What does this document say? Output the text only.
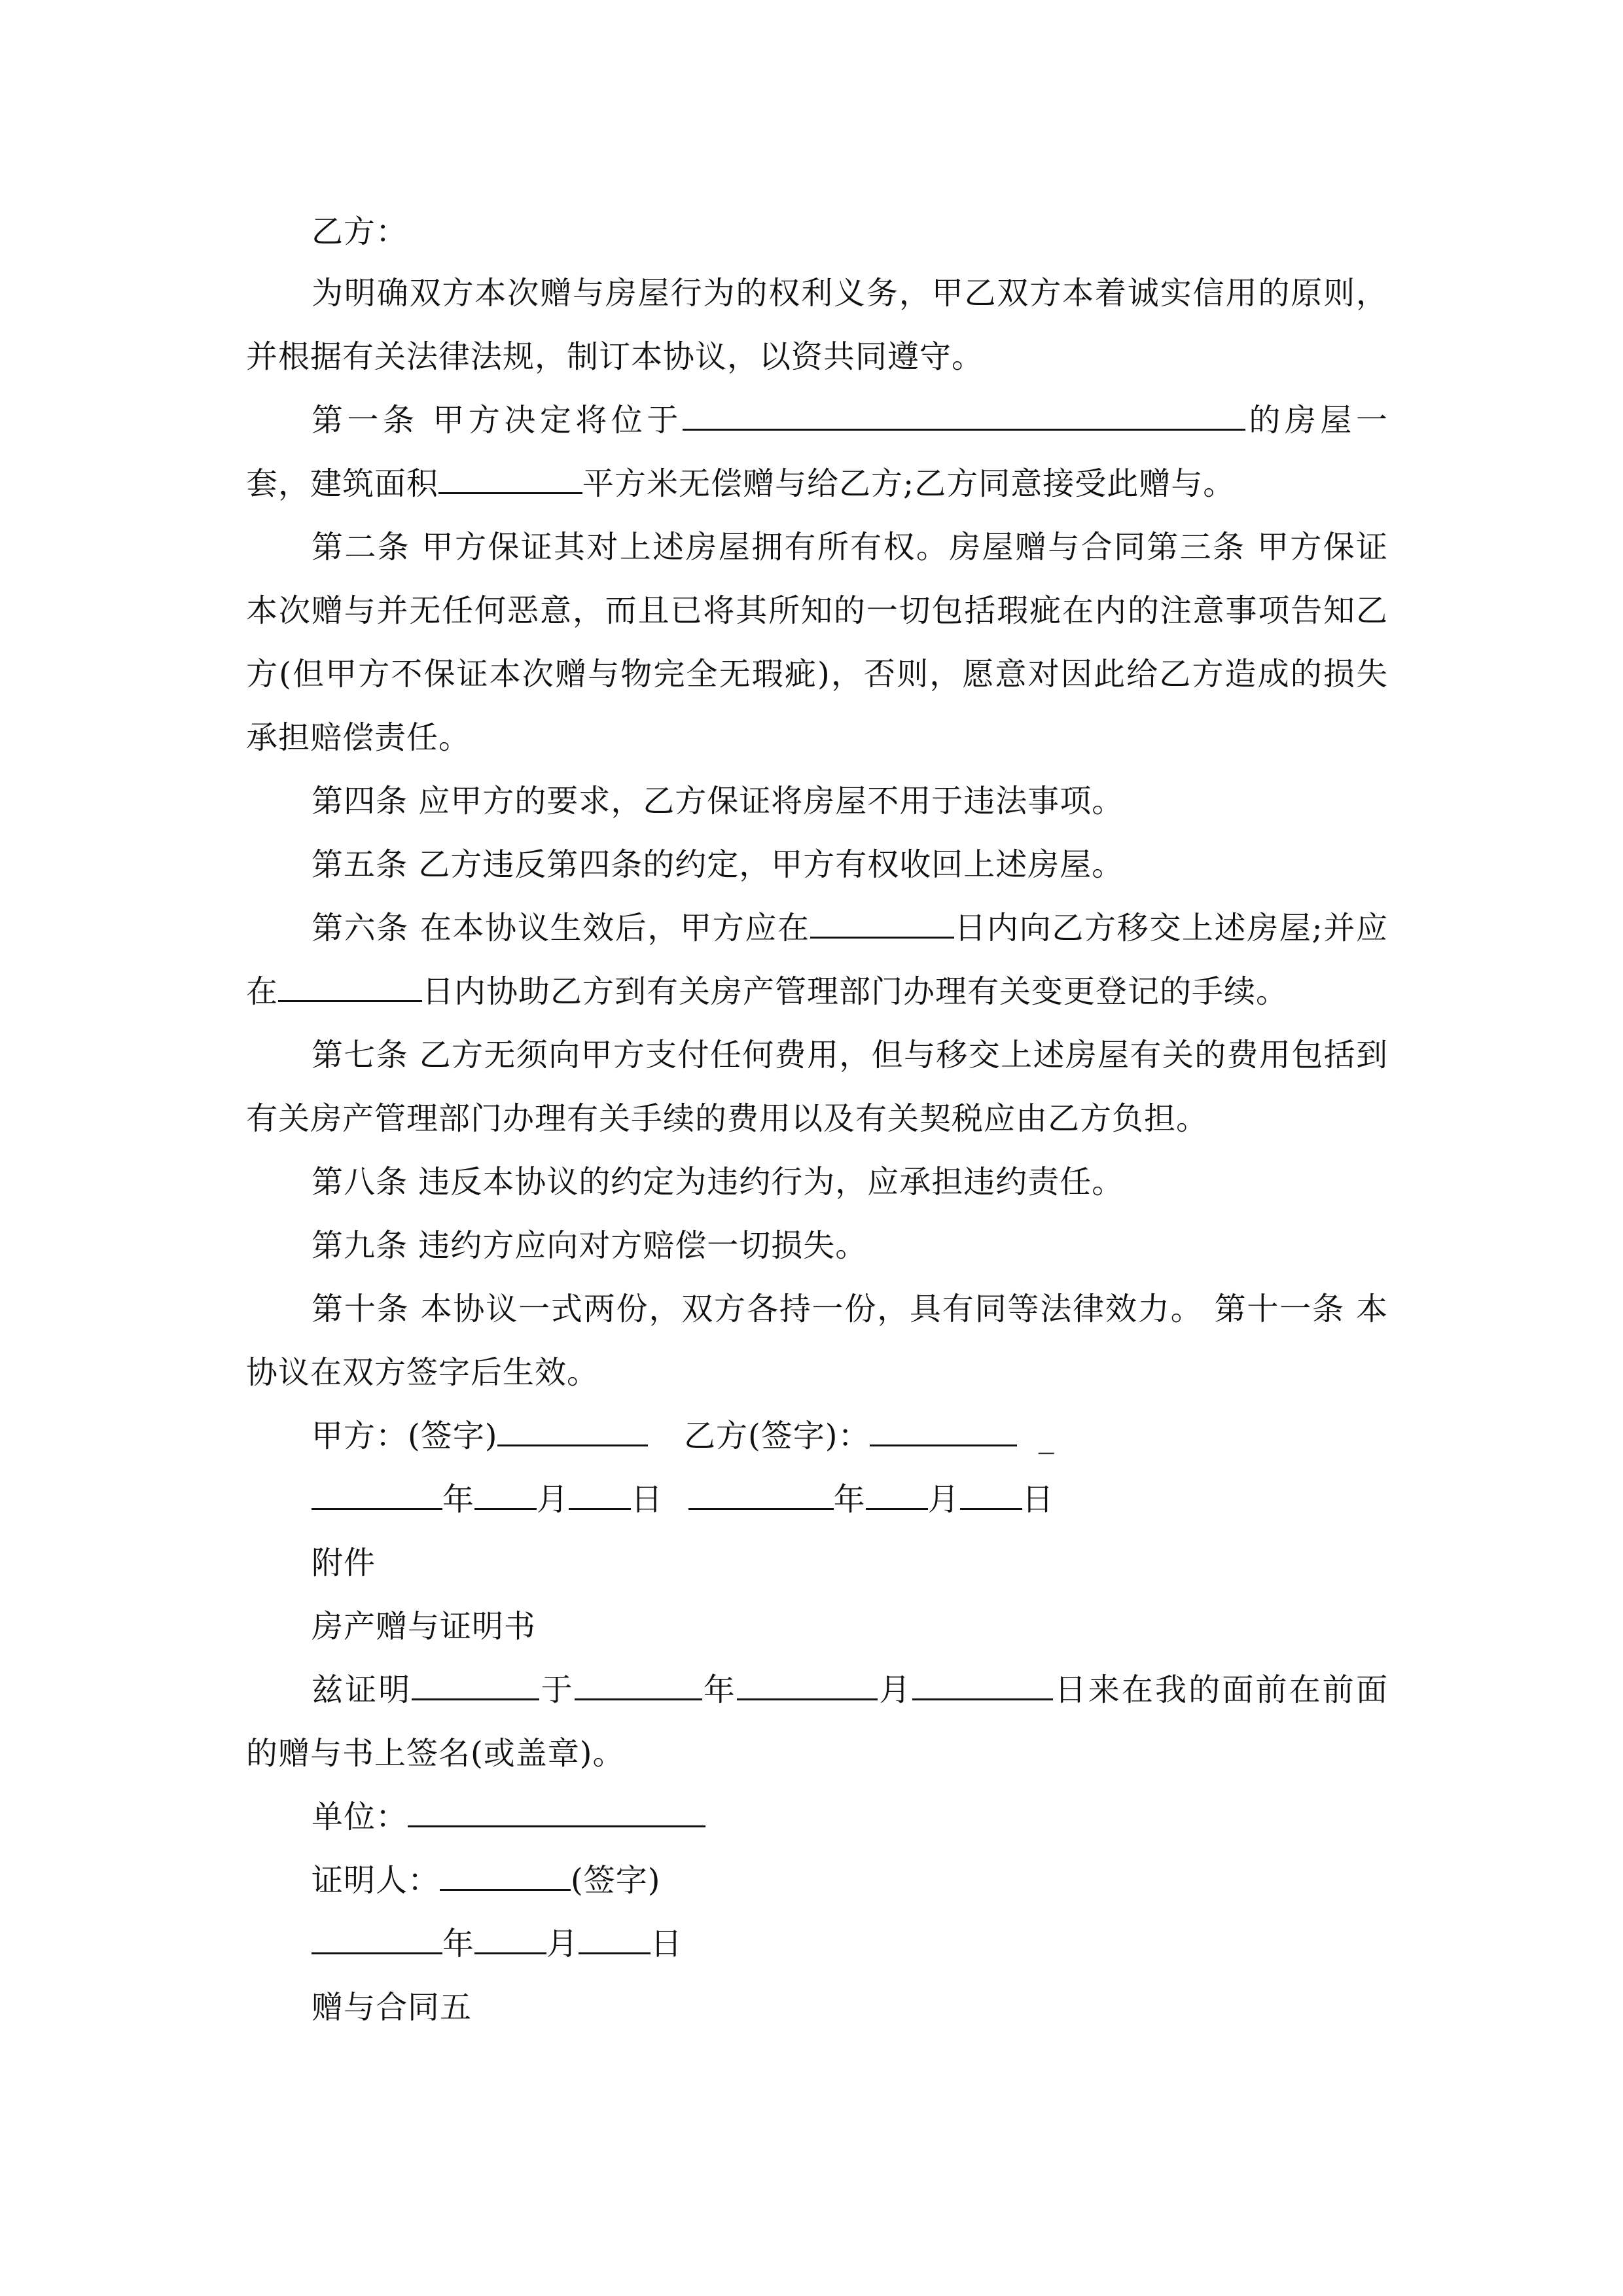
乙方：

为明确双方本次赠与房屋行为的权利义务，甲乙双方本着诚实信用的原则，并根据有关法律法规，制订本协议，以资共同遵守。

第一条 甲方决定将位于	的房屋一套，建筑面积	平方米无偿赠与给乙方;乙方同意接受此赠与。

第二条 甲方保证其对上述房屋拥有所有权。房屋赠与合同第三条 甲方保证本次赠与并无任何恶意，而且已将其所知的一切包括瑕疵在内的注意事项告知乙方(但甲方不保证本次赠与物完全无瑕疵)，否则，愿意对因此给乙方造成的损失承担赔偿责任。

第四条 应甲方的要求，乙方保证将房屋不用于违法事项。
第五条 乙方违反第四条的约定，甲方有权收回上述房屋。

第六条 在本协议生效后，甲方应在	日内向乙方移交上述房屋;并应在	日内协助乙方到有关房产管理部门办理有关变更登记的手续。

第七条 乙方无须向甲方支付任何费用，但与移交上述房屋有关的费用包括到有关房产管理部门办理有关手续的费用以及有关契税应由乙方负担。

第八条 违反本协议的约定为违约行为，应承担违约责任。
第九条 违约方应向对方赔偿一切损失。

第十条 本协议一式两份，双方各持一份，具有同等法律效力。 第十一条 本协议在双方签字后生效。

甲方：(签字)	乙方(签字)：	_
年 月 日	年 月 日
附件
房产赠与证明书

兹证明	于	年	月	日来在我的面前在前面的赠与书上签名(或盖章)。

单位：
证明人：	(签字)
年 月 日
赠与合同五
